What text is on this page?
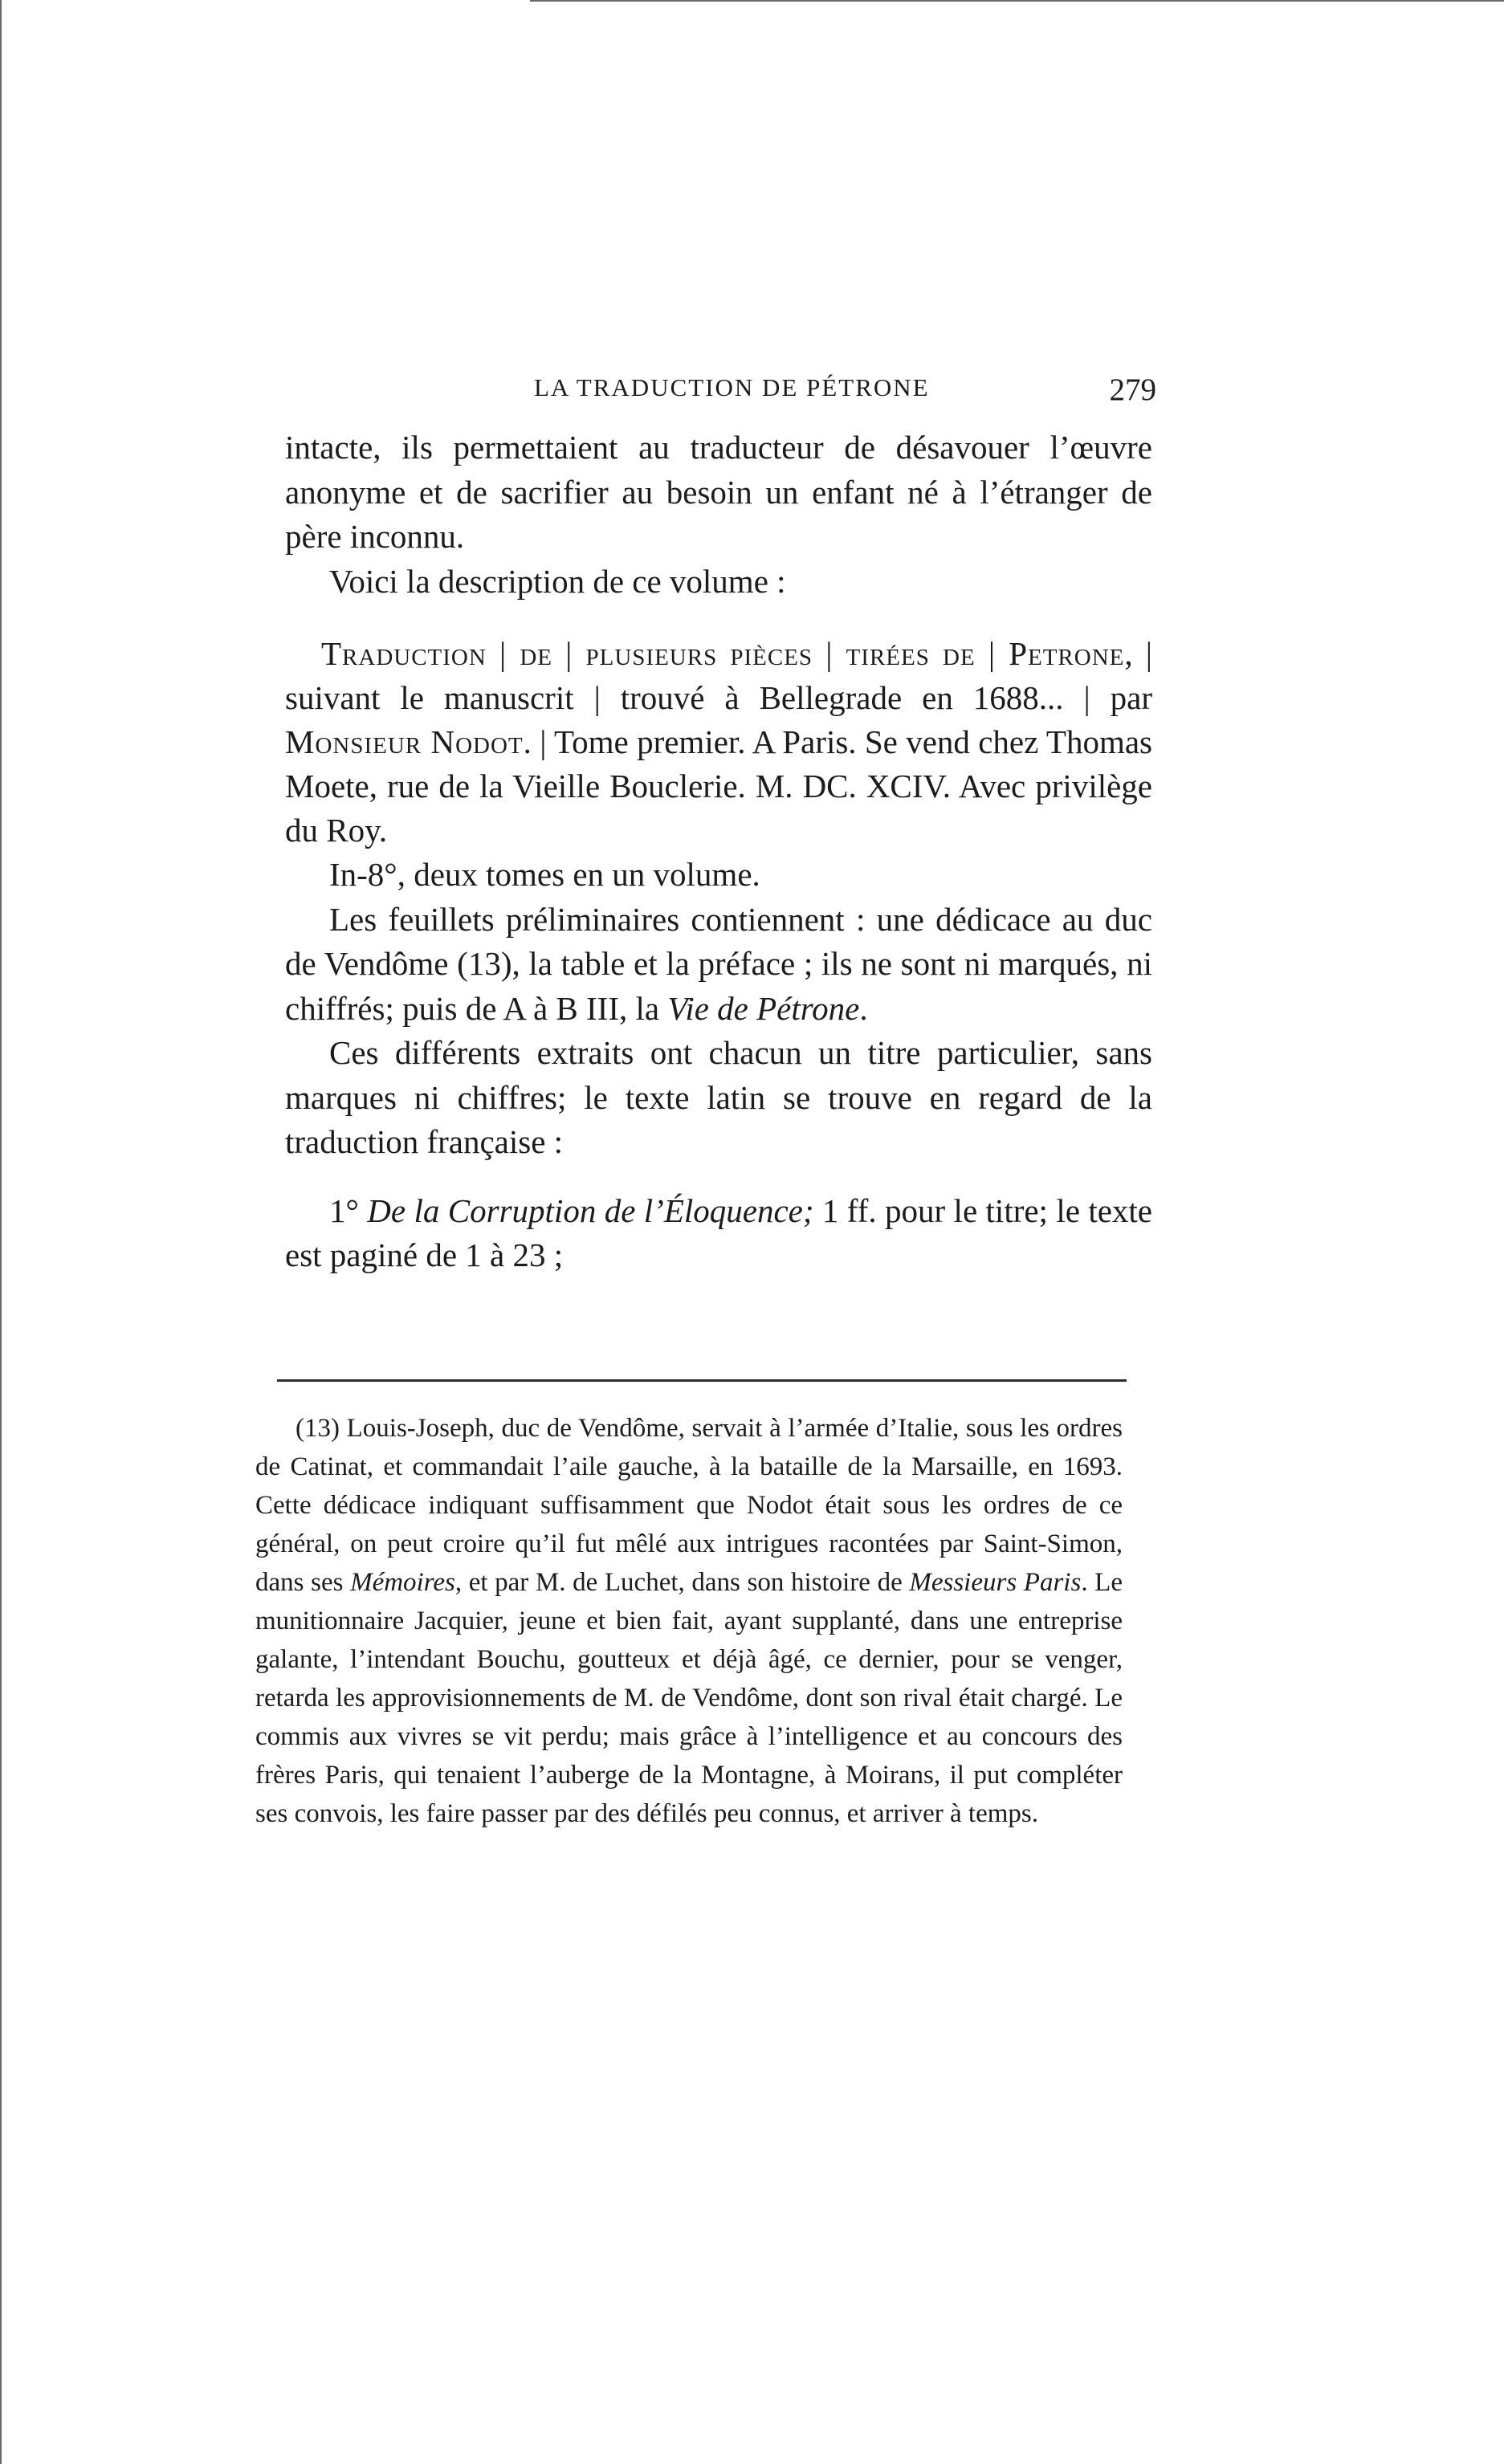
LA TRADUCTION DE PÉTRONE	279

intacte, ils permettaient au traducteur de désavouer l’œuvre anonyme et de sacrifier au besoin un enfant né à l’étranger de père inconnu.

Voici la description de ce volume :

Traduction | de | plusieurs pièces | tirées de | Petrone, | suivant le manuscrit | trouvé à Bellegrade en 1688... | par Monsieur Nodot. | Tome premier. A Paris. Se vend chez Thomas Moete, rue de la Vieille Bouclerie. M. DC. XCIV. Avec privilège du Roy.

In-8°, deux tomes en un volume.

Les feuillets préliminaires contiennent : une dédicace au duc de Vendôme (13), la table et la préface ; ils ne sont ni marqués, ni chiffrés; puis de A à B III, la Vie de Pétrone.

Ces différents extraits ont chacun un titre particulier, sans marques ni chiffres; le texte latin se trouve en regard de la traduction française :

1° De la Corruption de l’Éloquence; 1 ff. pour le titre; le texte est paginé de 1 à 23 ;

(13) Louis-Joseph, duc de Vendôme, servait à l’armée d’Italie, sous les ordres de Catinat, et commandait l’aile gauche, à la bataille de la Marsaille, en 1693. Cette dédicace indiquant suffisamment que Nodot était sous les ordres de ce général, on peut croire qu’il fut mêlé aux intrigues racontées par Saint-Simon, dans ses Mémoires, et par M. de Luchet, dans son histoire de Messieurs Paris. Le munitionnaire Jacquier, jeune et bien fait, ayant supplanté, dans une entreprise galante, l’intendant Bouchu, goutteux et déjà âgé, ce dernier, pour se venger, retarda les approvisionnements de M. de Vendôme, dont son rival était chargé. Le commis aux vivres se vit perdu; mais grâce à l’intelligence et au concours des frères Paris, qui tenaient l’auberge de la Montagne, à Moirans, il put compléter ses convois, les faire passer par des défilés peu connus, et arriver à temps.
